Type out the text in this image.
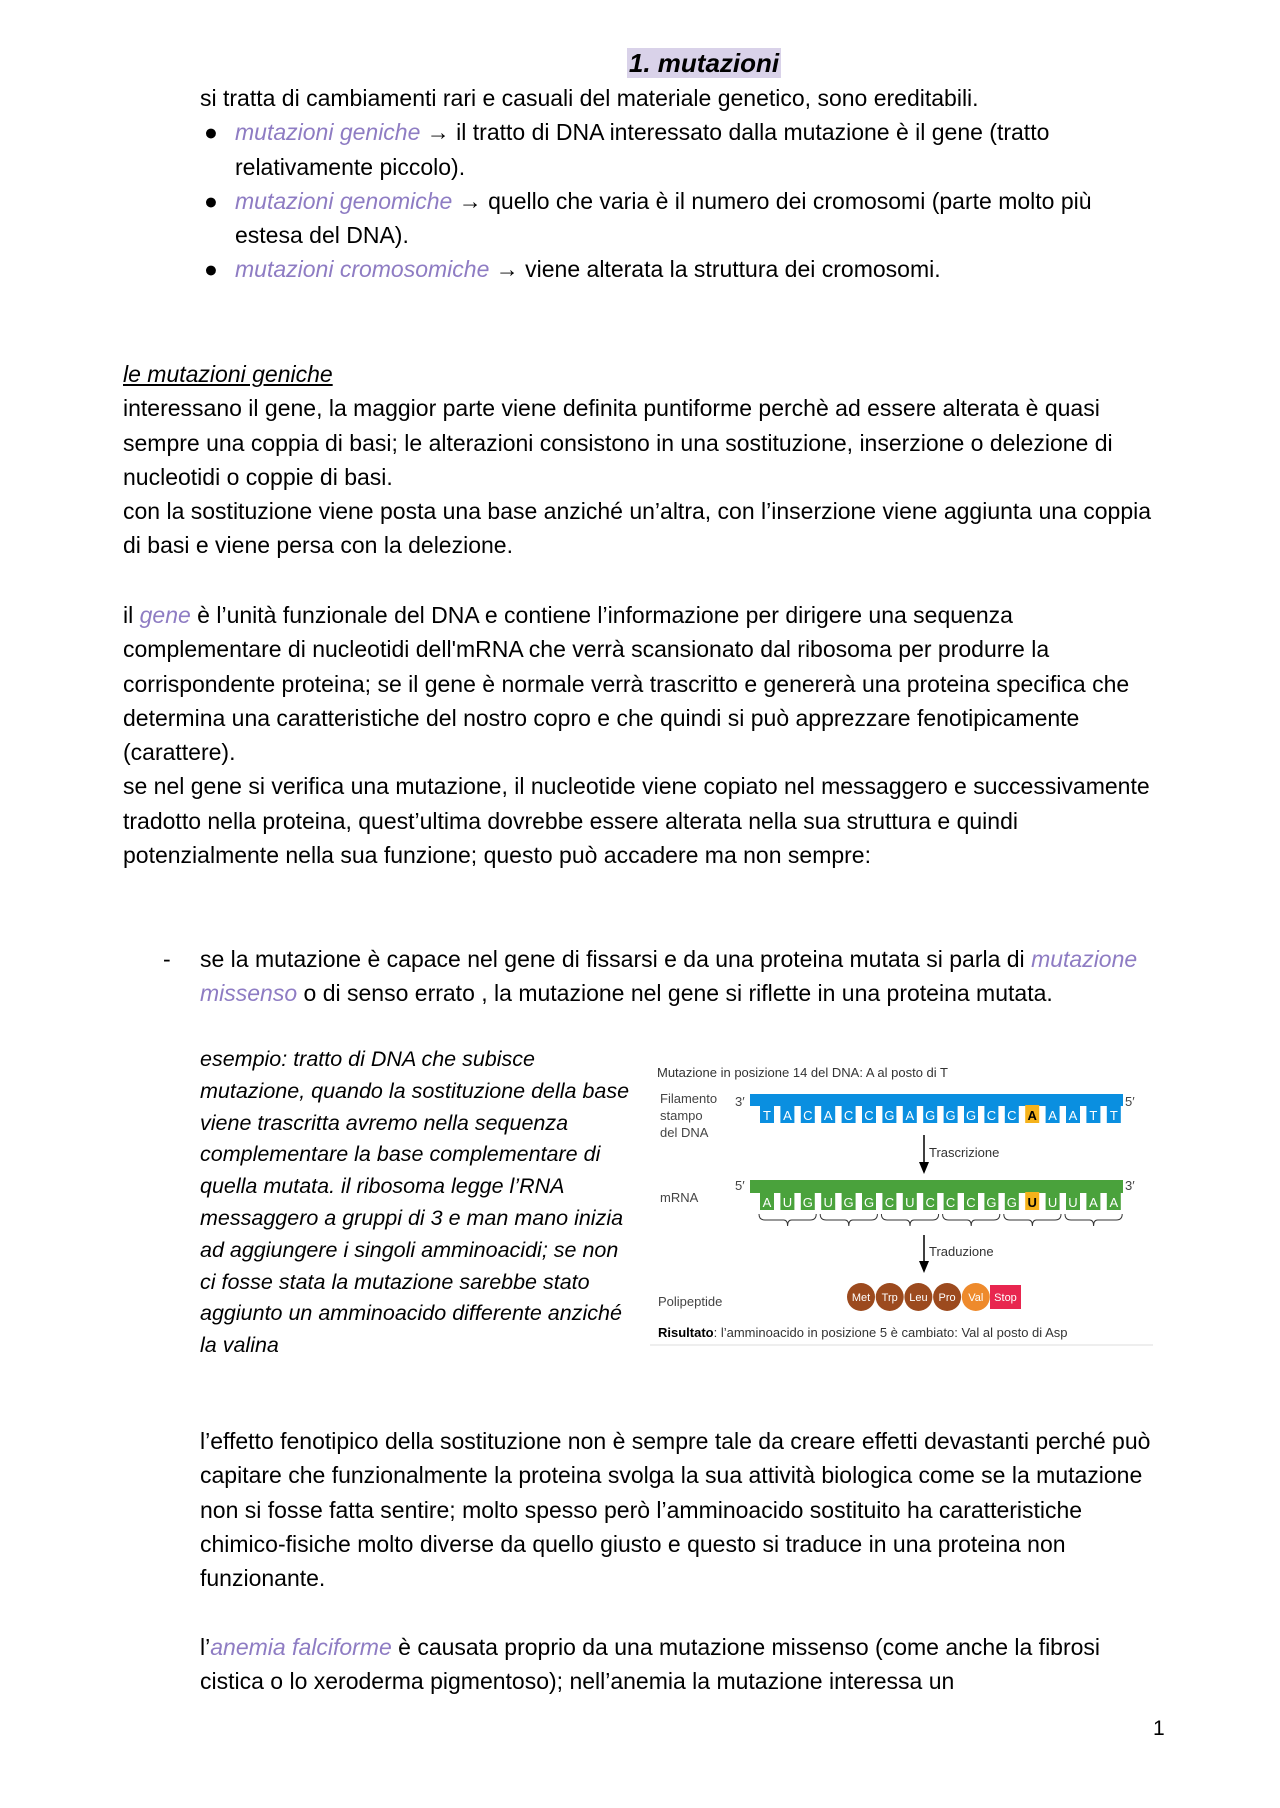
1. mutazioni
si tratta di cambiamenti rari e casuali del materiale genetico, sono ereditabili.
● mutazioni geniche → il tratto di DNA interessato dalla mutazione è il gene (tratto relativamente piccolo).
● mutazioni genomiche → quello che varia è il numero dei cromosomi (parte molto più estesa del DNA).
● mutazioni cromosomiche → viene alterata la struttura dei cromosomi.
le mutazioni geniche
interessano il gene, la maggior parte viene definita puntiforme perchè ad essere alterata è quasi sempre una coppia di basi; le alterazioni consistono in una sostituzione, inserzione o delezione di nucleotidi o coppie di basi.
con la sostituzione viene posta una base anziché un’altra, con l’inserzione viene aggiunta una coppia di basi e viene persa con la delezione.
il gene è l’unità funzionale del DNA e contiene l’informazione per dirigere una sequenza complementare di nucleotidi dell'mRNA che verrà scansionato dal ribosoma per produrre la corrispondente proteina; se il gene è normale verrà trascritto e genererà una proteina specifica che determina una caratteristiche del nostro copro e che quindi si può apprezzare fenotipicamente (carattere).
se nel gene si verifica una mutazione, il nucleotide viene copiato nel messaggero e successivamente tradotto nella proteina, quest’ultima dovrebbe essere alterata nella sua struttura e quindi potenzialmente nella sua funzione; questo può accadere ma non sempre:
- se la mutazione è capace nel gene di fissarsi e da una proteina mutata si parla di mutazione missenso o di senso errato , la mutazione nel gene si riflette in una proteina mutata.
esempio: tratto di DNA che subisce mutazione, quando la sostituzione della base viene trascritta avremo nella sequenza complementare la base complementare di quella mutata. il ribosoma legge l’RNA messaggero a gruppi di 3 e man mano inizia ad aggiungere i singoli amminoacidi; se non ci fosse stata la mutazione sarebbe stato aggiunto un amminoacido differente anziché la valina
Mutazione in posizione 14 del DNA: A al posto di T
Filamento
stampo
del DNA
3′	5′
T A C A C C G A G G G C C A A A T T
Trascrizione
mRNA
5′	3′
A U G U G G C U C C C G G U U U A A
Traduzione
Polipeptide	Met Trp Leu Pro Val Stop
Risultato: l’amminoacido in posizione 5 è cambiato: Val al posto di Asp
l’effetto fenotipico della sostituzione non è sempre tale da creare effetti devastanti perché può capitare che funzionalmente la proteina svolga la sua attività biologica come se la mutazione non si fosse fatta sentire; molto spesso però l’amminoacido sostituito ha caratteristiche chimico-fisiche molto diverse da quello giusto e questo si traduce in una proteina non funzionante.
l’anemia falciforme è causata proprio da una mutazione missenso (come anche la fibrosi cistica o lo xeroderma pigmentoso); nell’anemia la mutazione interessa un
1
